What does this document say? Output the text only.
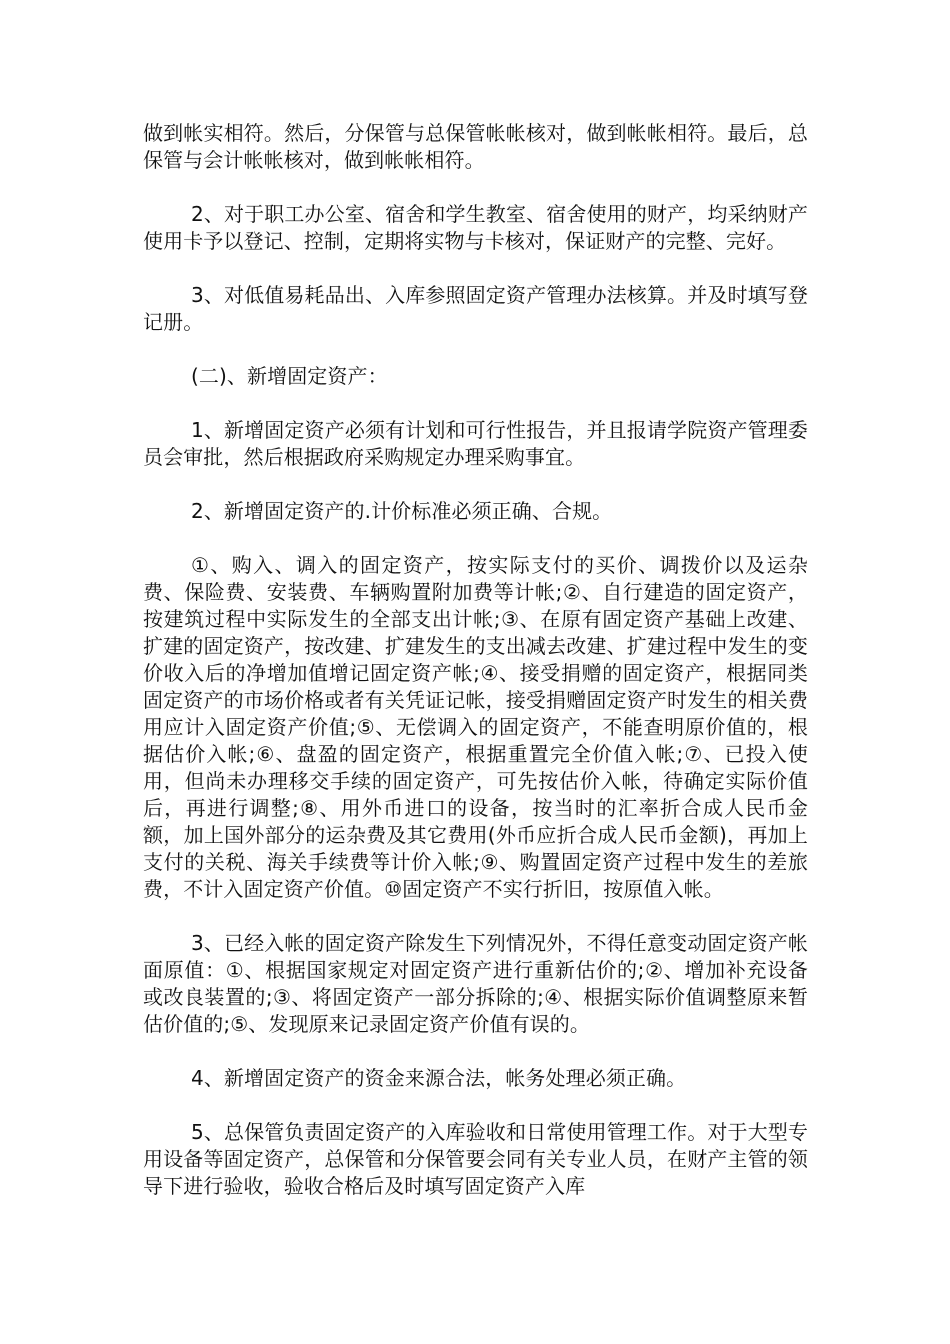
做到帐实相符。然后，分保管与总保管帐帐核对，做到帐帐相符。最后，总保管与会计帐帐核对，做到帐帐相符。

2、对于职工办公室、宿舍和学生教室、宿舍使用的财产，均采纳财产使用卡予以登记、控制，定期将实物与卡核对，保证财产的完整、完好。

3、对低值易耗品出、入库参照固定资产管理办法核算。并及时填写登记册。

(二)、新增固定资产：

1、新增固定资产必须有计划和可行性报告，并且报请学院资产管理委员会审批，然后根据政府采购规定办理采购事宜。

2、新增固定资产的.计价标准必须正确、合规。

①、购入、调入的固定资产，按实际支付的买价、调拨价以及运杂费、保险费、安装费、车辆购置附加费等计帐;②、自行建造的固定资产，按建筑过程中实际发生的全部支出计帐;③、在原有固定资产基础上改建、扩建的固定资产，按改建、扩建发生的支出减去改建、扩建过程中发生的变价收入后的净增加值增记固定资产帐;④、接受捐赠的固定资产，根据同类固定资产的市场价格或者有关凭证记帐，接受捐赠固定资产时发生的相关费用应计入固定资产价值;⑤、无偿调入的固定资产，不能查明原价值的，根据估价入帐;⑥、盘盈的固定资产，根据重置完全价值入帐;⑦、已投入使用，但尚未办理移交手续的固定资产，可先按估价入帐，待确定实际价值后，再进行调整;⑧、用外币进口的设备，按当时的汇率折合成人民币金额，加上国外部分的运杂费及其它费用(外币应折合成人民币金额)，再加上支付的关税、海关手续费等计价入帐;⑨、购置固定资产过程中发生的差旅费，不计入固定资产价值。⑩固定资产不实行折旧，按原值入帐。

3、已经入帐的固定资产除发生下列情况外，不得任意变动固定资产帐面原值：①、根据国家规定对固定资产进行重新估价的;②、增加补充设备或改良装置的;③、将固定资产一部分拆除的;④、根据实际价值调整原来暂估价值的;⑤、发现原来记录固定资产价值有误的。

4、新增固定资产的资金来源合法，帐务处理必须正确。

5、总保管负责固定资产的入库验收和日常使用管理工作。对于大型专用设备等固定资产，总保管和分保管要会同有关专业人员，在财产主管的领导下进行验收，验收合格后及时填写固定资产入库
